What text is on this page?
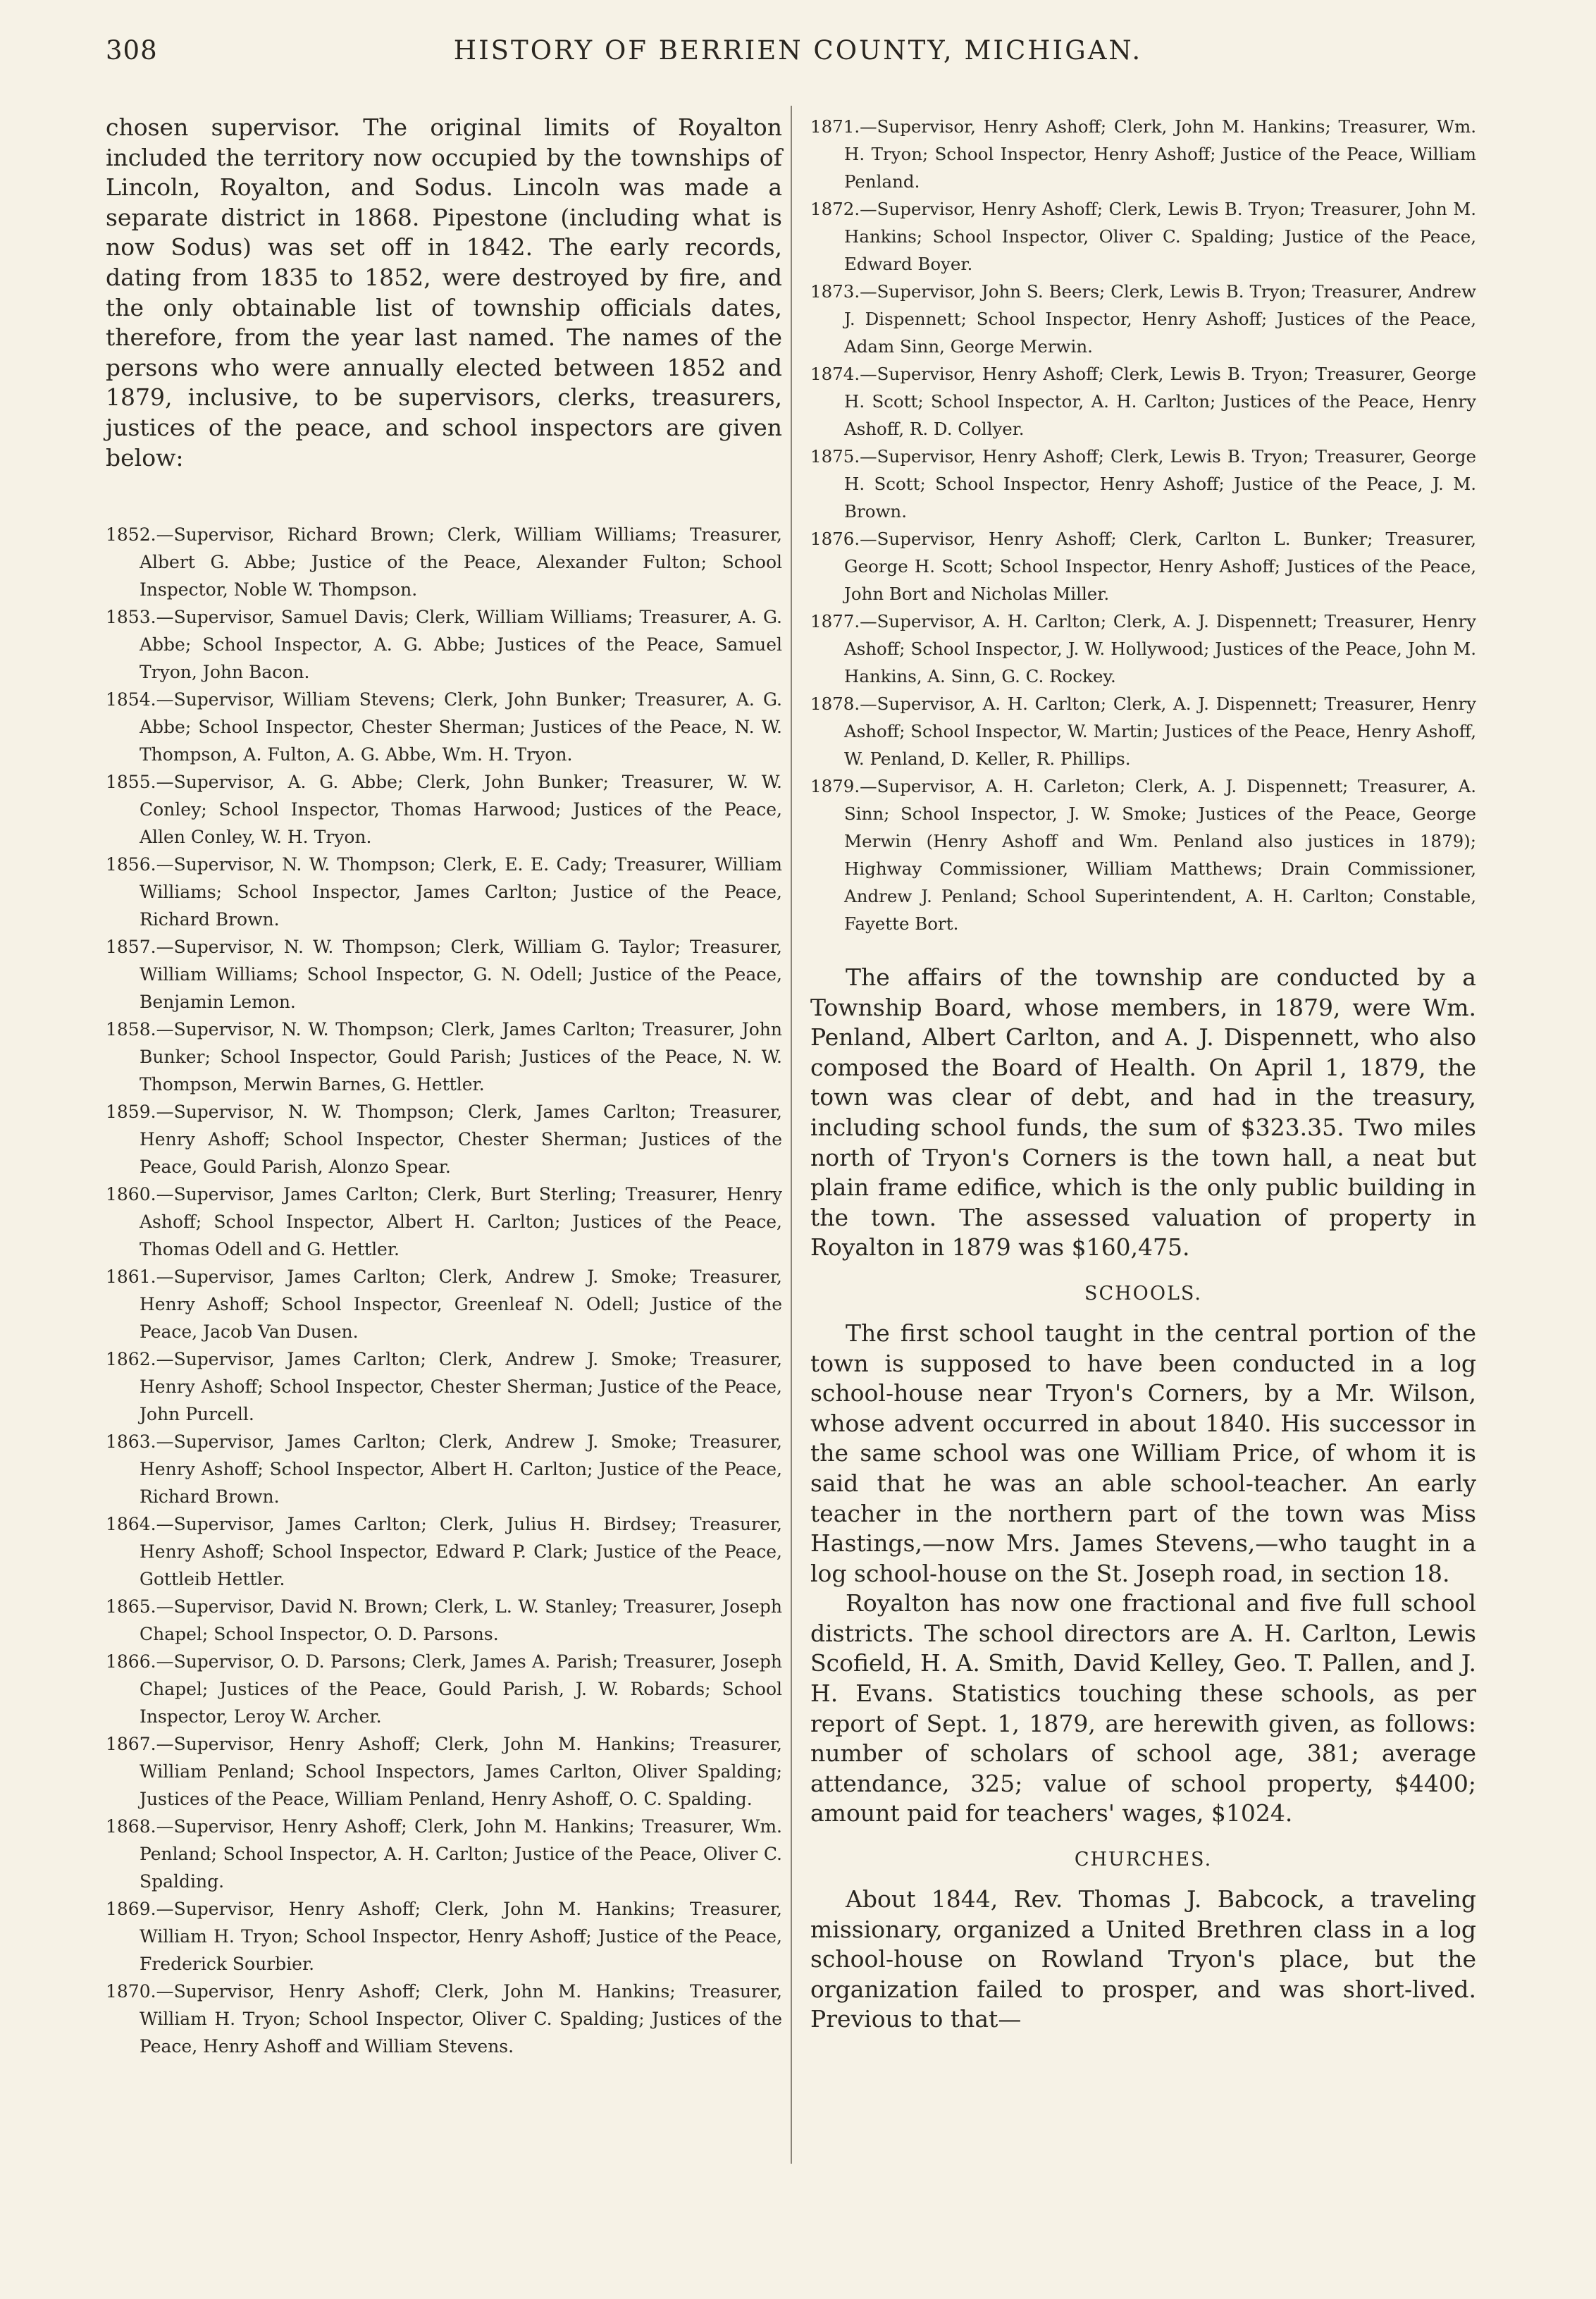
308	HISTORY OF BERRIEN COUNTY, MICHIGAN.

chosen supervisor. The original limits of Royalton included the territory now occupied by the townships of Lincoln, Royalton, and Sodus. Lincoln was made a separate district in 1868. Pipestone (including what is now Sodus) was set off in 1842. The early records, dating from 1835 to 1852, were destroyed by fire, and the only obtainable list of township officials dates, therefore, from the year last named. The names of the persons who were annually elected between 1852 and 1879, inclusive, to be supervisors, clerks, treasurers, justices of the peace, and school inspectors are given below:

1852.—Supervisor, Richard Brown; Clerk, William Williams; Treasurer, Albert G. Abbe; Justice of the Peace, Alexander Fulton; School Inspector, Noble W. Thompson.
1853.—Supervisor, Samuel Davis; Clerk, William Williams; Treasurer, A. G. Abbe; School Inspector, A. G. Abbe; Justices of the Peace, Samuel Tryon, John Bacon.
1854.—Supervisor, William Stevens; Clerk, John Bunker; Treasurer, A. G. Abbe; School Inspector, Chester Sherman; Justices of the Peace, N. W. Thompson, A. Fulton, A. G. Abbe, Wm. H. Tryon.
1855.—Supervisor, A. G. Abbe; Clerk, John Bunker; Treasurer, W. W. Conley; School Inspector, Thomas Harwood; Justices of the Peace, Allen Conley, W. H. Tryon.
1856.—Supervisor, N. W. Thompson; Clerk, E. E. Cady; Treasurer, William Williams; School Inspector, James Carlton; Justice of the Peace, Richard Brown.
1857.—Supervisor, N. W. Thompson; Clerk, William G. Taylor; Treasurer, William Williams; School Inspector, G. N. Odell; Justice of the Peace, Benjamin Lemon.
1858.—Supervisor, N. W. Thompson; Clerk, James Carlton; Treasurer, John Bunker; School Inspector, Gould Parish; Justices of the Peace, N. W. Thompson, Merwin Barnes, G. Hettler.
1859.—Supervisor, N. W. Thompson; Clerk, James Carlton; Treasurer, Henry Ashoff; School Inspector, Chester Sherman; Justices of the Peace, Gould Parish, Alonzo Spear.
1860.—Supervisor, James Carlton; Clerk, Burt Sterling; Treasurer, Henry Ashoff; School Inspector, Albert H. Carlton; Justices of the Peace, Thomas Odell and G. Hettler.
1861.—Supervisor, James Carlton; Clerk, Andrew J. Smoke; Treasurer, Henry Ashoff; School Inspector, Greenleaf N. Odell; Justice of the Peace, Jacob Van Dusen.
1862.—Supervisor, James Carlton; Clerk, Andrew J. Smoke; Treasurer, Henry Ashoff; School Inspector, Chester Sherman; Justice of the Peace, John Purcell.
1863.—Supervisor, James Carlton; Clerk, Andrew J. Smoke; Treasurer, Henry Ashoff; School Inspector, Albert H. Carlton; Justice of the Peace, Richard Brown.
1864.—Supervisor, James Carlton; Clerk, Julius H. Birdsey; Treasurer, Henry Ashoff; School Inspector, Edward P. Clark; Justice of the Peace, Gottleib Hettler.
1865.—Supervisor, David N. Brown; Clerk, L. W. Stanley; Treasurer, Joseph Chapel; School Inspector, O. D. Parsons.
1866.—Supervisor, O. D. Parsons; Clerk, James A. Parish; Treasurer, Joseph Chapel; Justices of the Peace, Gould Parish, J. W. Robards; School Inspector, Leroy W. Archer.
1867.—Supervisor, Henry Ashoff; Clerk, John M. Hankins; Treasurer, William Penland; School Inspectors, James Carlton, Oliver Spalding; Justices of the Peace, William Penland, Henry Ashoff, O. C. Spalding.
1868.—Supervisor, Henry Ashoff; Clerk, John M. Hankins; Treasurer, Wm. Penland; School Inspector, A. H. Carlton; Justice of the Peace, Oliver C. Spalding.
1869.—Supervisor, Henry Ashoff; Clerk, John M. Hankins; Treasurer, William H. Tryon; School Inspector, Henry Ashoff; Justice of the Peace, Frederick Sourbier.
1870.—Supervisor, Henry Ashoff; Clerk, John M. Hankins; Treasurer, William H. Tryon; School Inspector, Oliver C. Spalding; Justices of the Peace, Henry Ashoff and William Stevens.
1871.—Supervisor, Henry Ashoff; Clerk, John M. Hankins; Treasurer, Wm. H. Tryon; School Inspector, Henry Ashoff; Justice of the Peace, William Penland.
1872.—Supervisor, Henry Ashoff; Clerk, Lewis B. Tryon; Treasurer, John M. Hankins; School Inspector, Oliver C. Spalding; Justice of the Peace, Edward Boyer.
1873.—Supervisor, John S. Beers; Clerk, Lewis B. Tryon; Treasurer, Andrew J. Dispennett; School Inspector, Henry Ashoff; Justices of the Peace, Adam Sinn, George Merwin.
1874.—Supervisor, Henry Ashoff; Clerk, Lewis B. Tryon; Treasurer, George H. Scott; School Inspector, A. H. Carlton; Justices of the Peace, Henry Ashoff, R. D. Collyer.
1875.—Supervisor, Henry Ashoff; Clerk, Lewis B. Tryon; Treasurer, George H. Scott; School Inspector, Henry Ashoff; Justice of the Peace, J. M. Brown.
1876.—Supervisor, Henry Ashoff; Clerk, Carlton L. Bunker; Treasurer, George H. Scott; School Inspector, Henry Ashoff; Justices of the Peace, John Bort and Nicholas Miller.
1877.—Supervisor, A. H. Carlton; Clerk, A. J. Dispennett; Treasurer, Henry Ashoff; School Inspector, J. W. Hollywood; Justices of the Peace, John M. Hankins, A. Sinn, G. C. Rockey.
1878.—Supervisor, A. H. Carlton; Clerk, A. J. Dispennett; Treasurer, Henry Ashoff; School Inspector, W. Martin; Justices of the Peace, Henry Ashoff, W. Penland, D. Keller, R. Phillips.
1879.—Supervisor, A. H. Carleton; Clerk, A. J. Dispennett; Treasurer, A. Sinn; School Inspector, J. W. Smoke; Justices of the Peace, George Merwin (Henry Ashoff and Wm. Penland also justices in 1879); Highway Commissioner, William Matthews; Drain Commissioner, Andrew J. Penland; School Superintendent, A. H. Carlton; Constable, Fayette Bort.

The affairs of the township are conducted by a Township Board, whose members, in 1879, were Wm. Penland, Albert Carlton, and A. J. Dispennett, who also composed the Board of Health. On April 1, 1879, the town was clear of debt, and had in the treasury, including school funds, the sum of $323.35. Two miles north of Tryon's Corners is the town hall, a neat but plain frame edifice, which is the only public building in the town. The assessed valuation of property in Royalton in 1879 was $160,475.

SCHOOLS.

The first school taught in the central portion of the town is supposed to have been conducted in a log school-house near Tryon's Corners, by a Mr. Wilson, whose advent occurred in about 1840. His successor in the same school was one William Price, of whom it is said that he was an able school-teacher. An early teacher in the northern part of the town was Miss Hastings,—now Mrs. James Stevens,—who taught in a log school-house on the St. Joseph road, in section 18.

Royalton has now one fractional and five full school districts. The school directors are A. H. Carlton, Lewis Scofield, H. A. Smith, David Kelley, Geo. T. Pallen, and J. H. Evans. Statistics touching these schools, as per report of Sept. 1, 1879, are herewith given, as follows: number of scholars of school age, 381; average attendance, 325; value of school property, $4400; amount paid for teachers' wages, $1024.

CHURCHES.

About 1844, Rev. Thomas J. Babcock, a traveling missionary, organized a United Brethren class in a log school-house on Rowland Tryon's place, but the organization failed to prosper, and was short-lived. Previous to that—
